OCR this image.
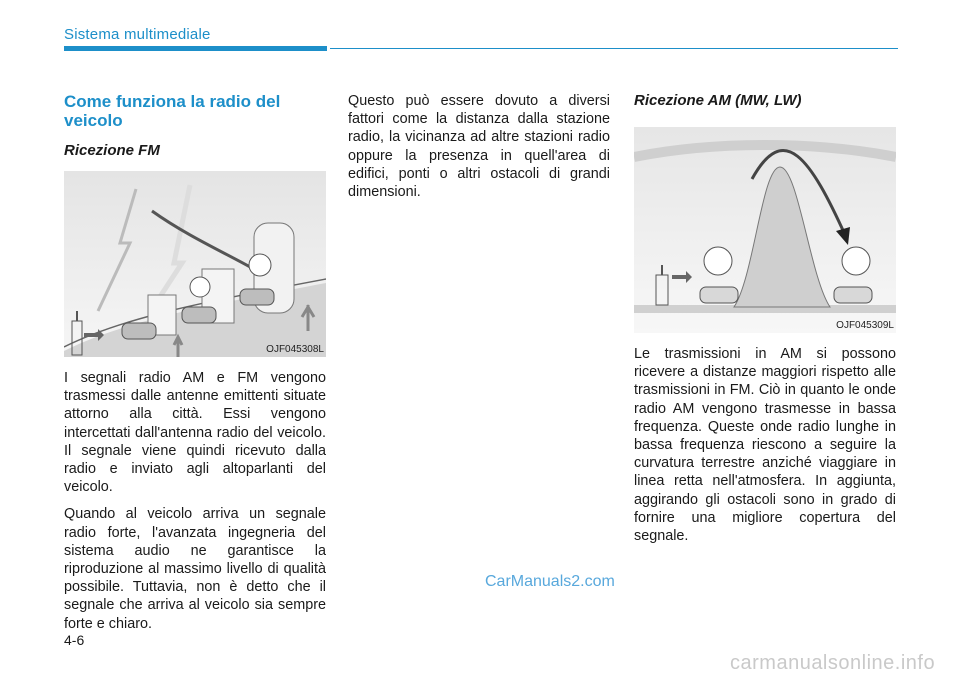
Sistema multimediale
Come funziona la radio del veicolo
Ricezione FM
OJF045308L

I segnali radio AM e FM vengono trasmessi dalle antenne emittenti situate attorno alla città. Essi vengono intercettati dall'antenna radio del veicolo. Il segnale viene quindi ricevuto dalla radio e inviato agli altoparlanti del veicolo.

Quando al veicolo arriva un segnale radio forte, l'avanzata ingegneria del sistema audio ne garantisce la riproduzione al massimo livello di qualità possibile. Tuttavia, non è detto che il segnale che arriva al veicolo sia sempre forte e chiaro.

Questo può essere dovuto a diversi fattori come la distanza dalla stazione radio, la vicinanza ad altre stazioni radio oppure la presenza in quell'area di edifici, ponti o altri ostacoli di grandi dimensioni.

Ricezione AM (MW, LW)
OJF045309L

Le trasmissioni in AM si possono ricevere a distanze maggiori rispetto alle trasmissioni in FM. Ciò in quanto le onde radio AM vengono trasmesse in bassa frequenza. Queste onde radio lunghe in bassa frequenza riescono a seguire la curvatura terrestre anziché viaggiare in linea retta nell'atmosfera. In aggiunta, aggirando gli ostacoli sono in grado di fornire una migliore copertura del segnale.

4-6
CarManuals2.com
carmanualsonline.info
